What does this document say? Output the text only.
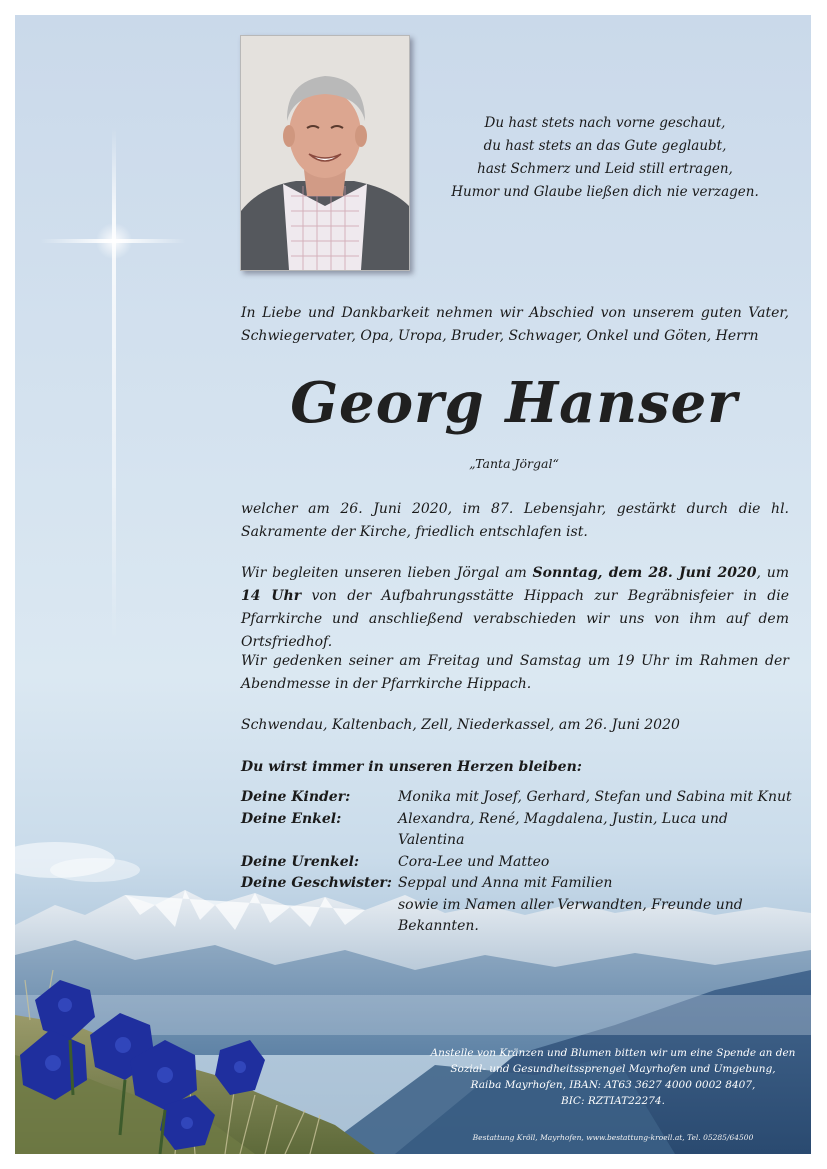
Du hast stets nach vorne geschaut,
du hast stets an das Gute geglaubt,
hast Schmerz und Leid still ertragen,
Humor und Glaube ließen dich nie verzagen.

In Liebe und Dankbarkeit nehmen wir Abschied von unserem guten Vater, Schwiegervater, Opa, Uropa, Bruder, Schwager, Onkel und Göten, Herrn

Georg Hanser

„Tanta Jörgal“

welcher am 26. Juni 2020, im 87. Lebensjahr, gestärkt durch die hl. Sakramente der Kirche, friedlich entschlafen ist.

Wir begleiten unseren lieben Jörgal am Sonntag, dem 28. Juni 2020, um 14 Uhr von der Aufbahrungsstätte Hippach zur Begräbnisfeier in die Pfarrkirche und anschließend verabschieden wir uns von ihm auf dem Ortsfriedhof.

Wir gedenken seiner am Freitag und Samstag um 19 Uhr im Rahmen der Abendmesse in der Pfarrkirche Hippach.

Schwendau, Kaltenbach, Zell, Niederkassel, am 26. Juni 2020

Du wirst immer in unseren Herzen bleiben:

Deine Kinder:	Monika mit Josef, Gerhard, Stefan und Sabina mit Knut
Deine Enkel:	Alexandra, René, Magdalena, Justin, Luca und Valentina
Deine Urenkel:	Cora-Lee und Matteo
Deine Geschwister: Seppal und Anna mit Familien
sowie im Namen aller Verwandten, Freunde und
Bekannten.

Anstelle von Kränzen und Blumen bitten wir um eine Spende an den
Sozial- und Gesundheitssprengel Mayrhofen und Umgebung,
Raiba Mayrhofen, IBAN: AT63 3627 4000 0002 8407,
BIC: RZTIAT22274.

Bestattung Kröll, Mayrhofen, www.bestattung-kroell.at, Tel. 05285/64500
